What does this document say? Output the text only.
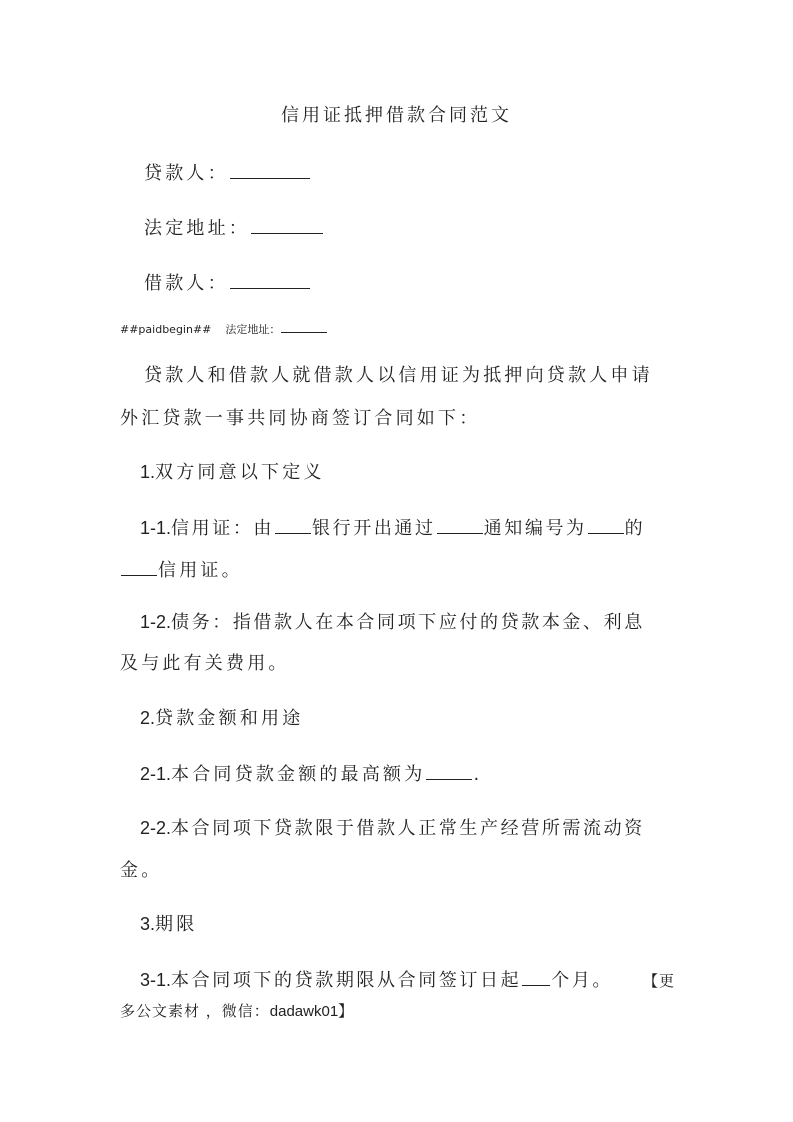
信用证抵押借款合同范文
贷款人：
法定地址：
借款人：
##paidbegin## 法定地址：
贷款人和借款人就借款人以信用证为抵押向贷款人申请
外汇贷款一事共同协商签订合同如下：
1.双方同意以下定义
1-1.信用证：由 银行开出通过	通知编号为 的
信用证。
1-2.债务：指借款人在本合同项下应付的贷款本金、利息
及与此有关费用。
2.贷款金额和用途
2-1.本合同贷款金额的最高额为	.
2-2.本合同项下贷款限于借款人正常生产经营所需流动资
金。
3.期限
3-1.本合同项下的贷款期限从合同签订日起 个月。 【更
多公文素材 ，微信：dadawk01】
